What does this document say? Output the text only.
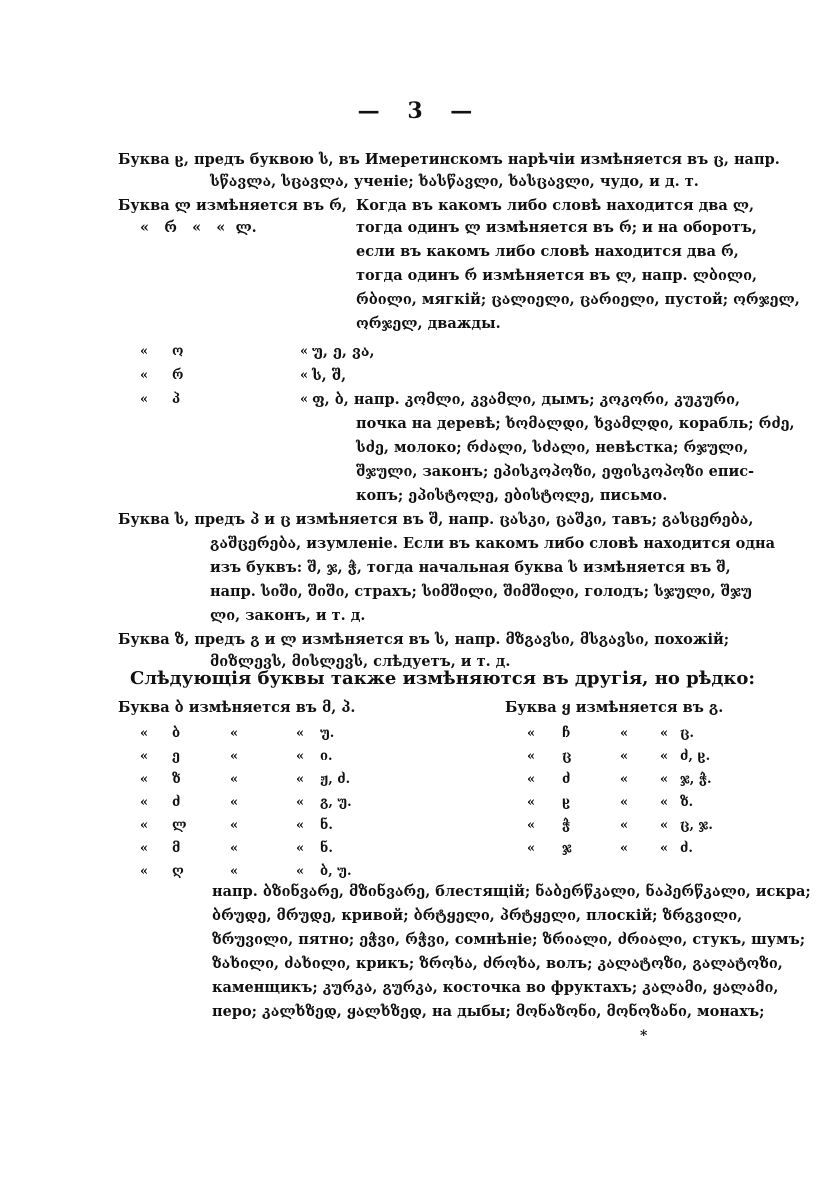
— 3 —
Буква ჸ, предъ буквою ს, въ Имеретинскомъ нарѣчіи измѣняется въ ც, напр.
სწავლა, სცავლა, ученіе; ხასწავლი, ხასცავლი, чудо, и д. т.
Буква ლ измѣняется въ რ,
«   რ   «   «  ლ.
Когда въ какомъ либо словѣ находится два ლ,
тогда одинъ ლ измѣняется въ რ; и на оборотъ,
если въ какомъ либо словѣ находится два რ,
тогда одинъ რ измѣняется въ ლ, напр. ლბილი,
რბილი, мягкій; ცალიელი, ცარიელი, пустой; ორჯელ,
ორჯელ, дважды.
« ო	« უ, ე, ვა,
« რ	« ს, შ,
« პ	« ფ, ბ, напр. კომლი, კვამლი, дымъ; კოკორი, კუკური,
почка на деревѣ; ხომალდი, ხვამლდი, корабль; რძე,
სძე, молоко; რძალი, სძალი, невѣстка; რჯული,
შჯული, законъ; ეპისკოპოზი, ეფისკოპოზი епис-
копъ; ეპისტოლე, ებისტოლე, письмо.
Буква ს, предъ პ и ც измѣняется въ შ, напр. ცასკი, ცაშკი, тавъ; გასცერება,
გაშცერება, изумленіе. Если въ какомъ либо словѣ находится одна
изъ буквъ: შ, ჯ, ჭ, тогда начальная буква ს измѣняется въ შ,
напр. სიში, შიში, страхъ; სიმშილი, შიმშილი, голодъ; სჯული, შჯუ
ლი, законъ, и т. д.
Буква ზ, предъ გ и ლ измѣняется въ ს, напр. მზგავსი, მსგავსი, похожій;
მიზლევს, მისლევს, слѣдуетъ, и т. д.
Слѣдующія буквы также измѣняются въ другія, но рѣдко:
Буква ბ измѣняется въ მ, პ.
« ბ	«	« უ.
« ე	«	« ი.
« ზ	«	« ჟ, ძ.
« ძ	«	« გ, უ.
« ლ	«	« ნ.
« მ	«	« ნ.
« ღ	«	« ბ, უ.
Буква ყ измѣняется въ გ.
« ჩ	« « ც.
« ც	« « ძ, ჸ.
« ძ	« « ჯ, ჭ.
« ჸ	« « ზ.
« ჭ	« « ც, ჯ.
« ჯ	« « ძ.
напр. ბზინვარე, მზინვარე, блестящій; ნაბერწკალი, ნაპერწკალი, искра;
ბრუდე, მრუდე, кривой; ბრტყელი, პრტყელი, плоскій; ზრგვილი,
ზრუვილი, пятно; ეჭვი, რჭვი, сомнѣніе; ზრიალი, ძრიალი, стукъ, шумъ;
ზახილი, ძახილი, крикъ; ზროხა, ძროხა, волъ; კალატოზი, გალატოზი,
каменщикъ; კურკა, გურკა, косточка во фруктахъ; კალამი, ყალამი,
перо; კალხზედ, ყალხზედ, на дыбы; მონაზონი, მონოზანი, монахъ;
*
